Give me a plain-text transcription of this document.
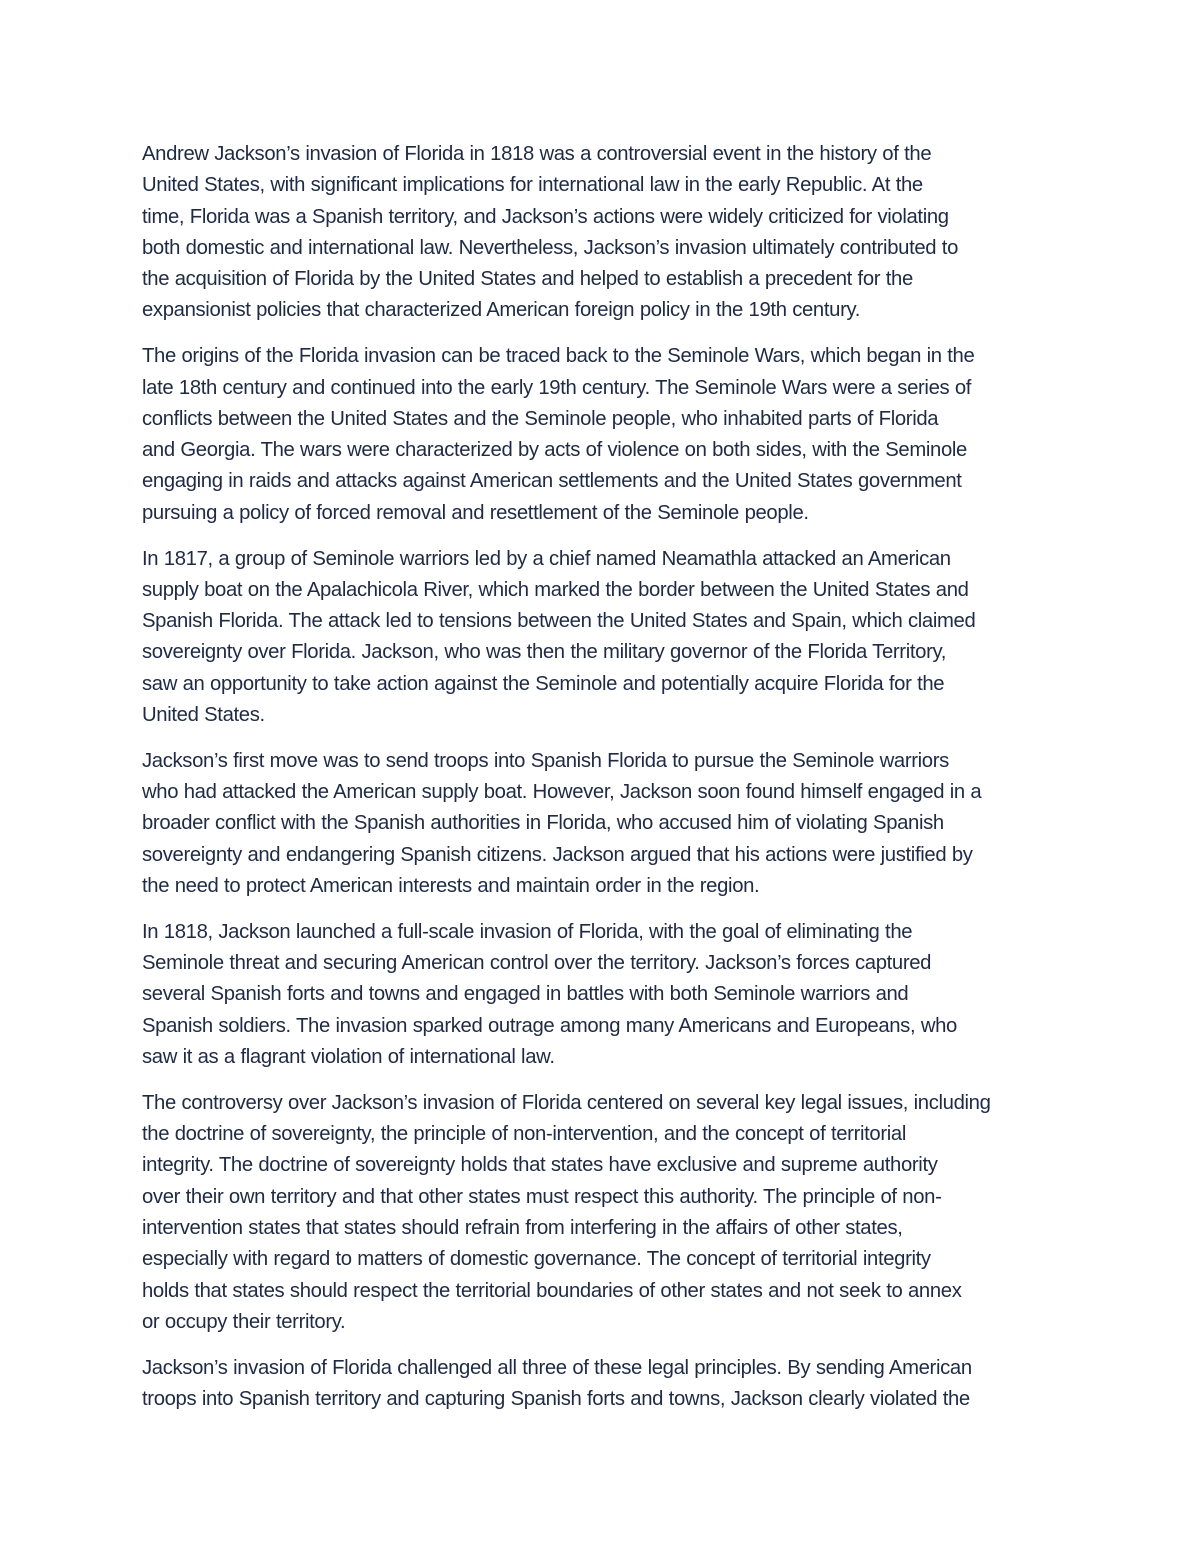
Andrew Jackson’s invasion of Florida in 1818 was a controversial event in the history of the
United States, with significant implications for international law in the early Republic. At the
time, Florida was a Spanish territory, and Jackson’s actions were widely criticized for violating
both domestic and international law. Nevertheless, Jackson’s invasion ultimately contributed to
the acquisition of Florida by the United States and helped to establish a precedent for the
expansionist policies that characterized American foreign policy in the 19th century.

The origins of the Florida invasion can be traced back to the Seminole Wars, which began in the
late 18th century and continued into the early 19th century. The Seminole Wars were a series of
conflicts between the United States and the Seminole people, who inhabited parts of Florida
and Georgia. The wars were characterized by acts of violence on both sides, with the Seminole
engaging in raids and attacks against American settlements and the United States government
pursuing a policy of forced removal and resettlement of the Seminole people.

In 1817, a group of Seminole warriors led by a chief named Neamathla attacked an American
supply boat on the Apalachicola River, which marked the border between the United States and
Spanish Florida. The attack led to tensions between the United States and Spain, which claimed
sovereignty over Florida. Jackson, who was then the military governor of the Florida Territory,
saw an opportunity to take action against the Seminole and potentially acquire Florida for the
United States.

Jackson’s first move was to send troops into Spanish Florida to pursue the Seminole warriors
who had attacked the American supply boat. However, Jackson soon found himself engaged in a
broader conflict with the Spanish authorities in Florida, who accused him of violating Spanish
sovereignty and endangering Spanish citizens. Jackson argued that his actions were justified by
the need to protect American interests and maintain order in the region.

In 1818, Jackson launched a full-scale invasion of Florida, with the goal of eliminating the
Seminole threat and securing American control over the territory. Jackson’s forces captured
several Spanish forts and towns and engaged in battles with both Seminole warriors and
Spanish soldiers. The invasion sparked outrage among many Americans and Europeans, who
saw it as a flagrant violation of international law.

The controversy over Jackson’s invasion of Florida centered on several key legal issues, including
the doctrine of sovereignty, the principle of non-intervention, and the concept of territorial
integrity. The doctrine of sovereignty holds that states have exclusive and supreme authority
over their own territory and that other states must respect this authority. The principle of non-
intervention states that states should refrain from interfering in the affairs of other states,
especially with regard to matters of domestic governance. The concept of territorial integrity
holds that states should respect the territorial boundaries of other states and not seek to annex
or occupy their territory.

Jackson’s invasion of Florida challenged all three of these legal principles. By sending American
troops into Spanish territory and capturing Spanish forts and towns, Jackson clearly violated the
